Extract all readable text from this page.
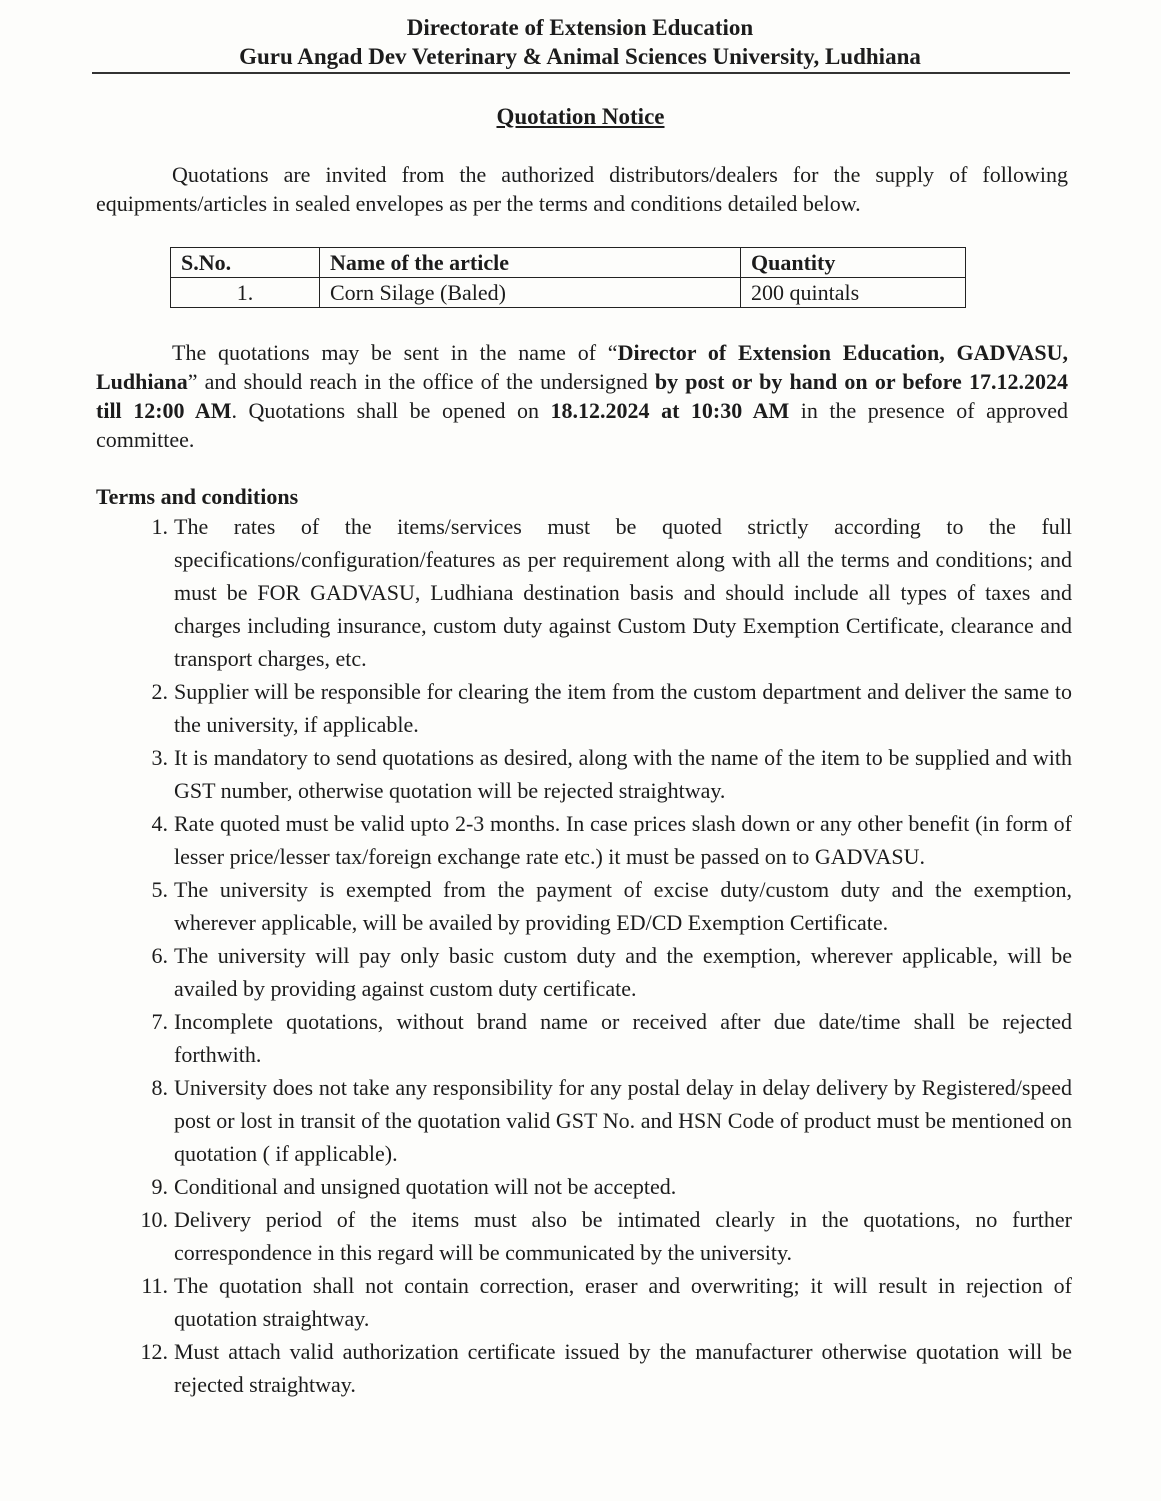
Directorate of Extension Education
Guru Angad Dev Veterinary & Animal Sciences University, Ludhiana
Quotation Notice
Quotations are invited from the authorized distributors/dealers for the supply of following equipments/articles in sealed envelopes as per the terms and conditions detailed below.
S.No.	Name of the article	Quantity
1.	Corn Silage (Baled)	200 quintals
The quotations may be sent in the name of “Director of Extension Education, GADVASU, Ludhiana” and should reach in the office of the undersigned by post or by hand on or before 17.12.2024 till 12:00 AM. Quotations shall be opened on 18.12.2024 at 10:30 AM in the presence of approved committee.
Terms and conditions
1. The rates of the items/services must be quoted strictly according to the full specifications/configuration/features as per requirement along with all the terms and conditions; and must be FOR GADVASU, Ludhiana destination basis and should include all types of taxes and charges including insurance, custom duty against Custom Duty Exemption Certificate, clearance and transport charges, etc.
2. Supplier will be responsible for clearing the item from the custom department and deliver the same to the university, if applicable.
3. It is mandatory to send quotations as desired, along with the name of the item to be supplied and with GST number, otherwise quotation will be rejected straightway.
4. Rate quoted must be valid upto 2-3 months. In case prices slash down or any other benefit (in form of lesser price/lesser tax/foreign exchange rate etc.) it must be passed on to GADVASU.
5. The university is exempted from the payment of excise duty/custom duty and the exemption, wherever applicable, will be availed by providing ED/CD Exemption Certificate.
6. The university will pay only basic custom duty and the exemption, wherever applicable, will be availed by providing against custom duty certificate.
7. Incomplete quotations, without brand name or received after due date/time shall be rejected forthwith.
8. University does not take any responsibility for any postal delay in delay delivery by Registered/speed post or lost in transit of the quotation valid GST No. and HSN Code of product must be mentioned on quotation ( if applicable).
9. Conditional and unsigned quotation will not be accepted.
10. Delivery period of the items must also be intimated clearly in the quotations, no further correspondence in this regard will be communicated by the university.
11. The quotation shall not contain correction, eraser and overwriting; it will result in rejection of quotation straightway.
12. Must attach valid authorization certificate issued by the manufacturer otherwise quotation will be rejected straightway.
